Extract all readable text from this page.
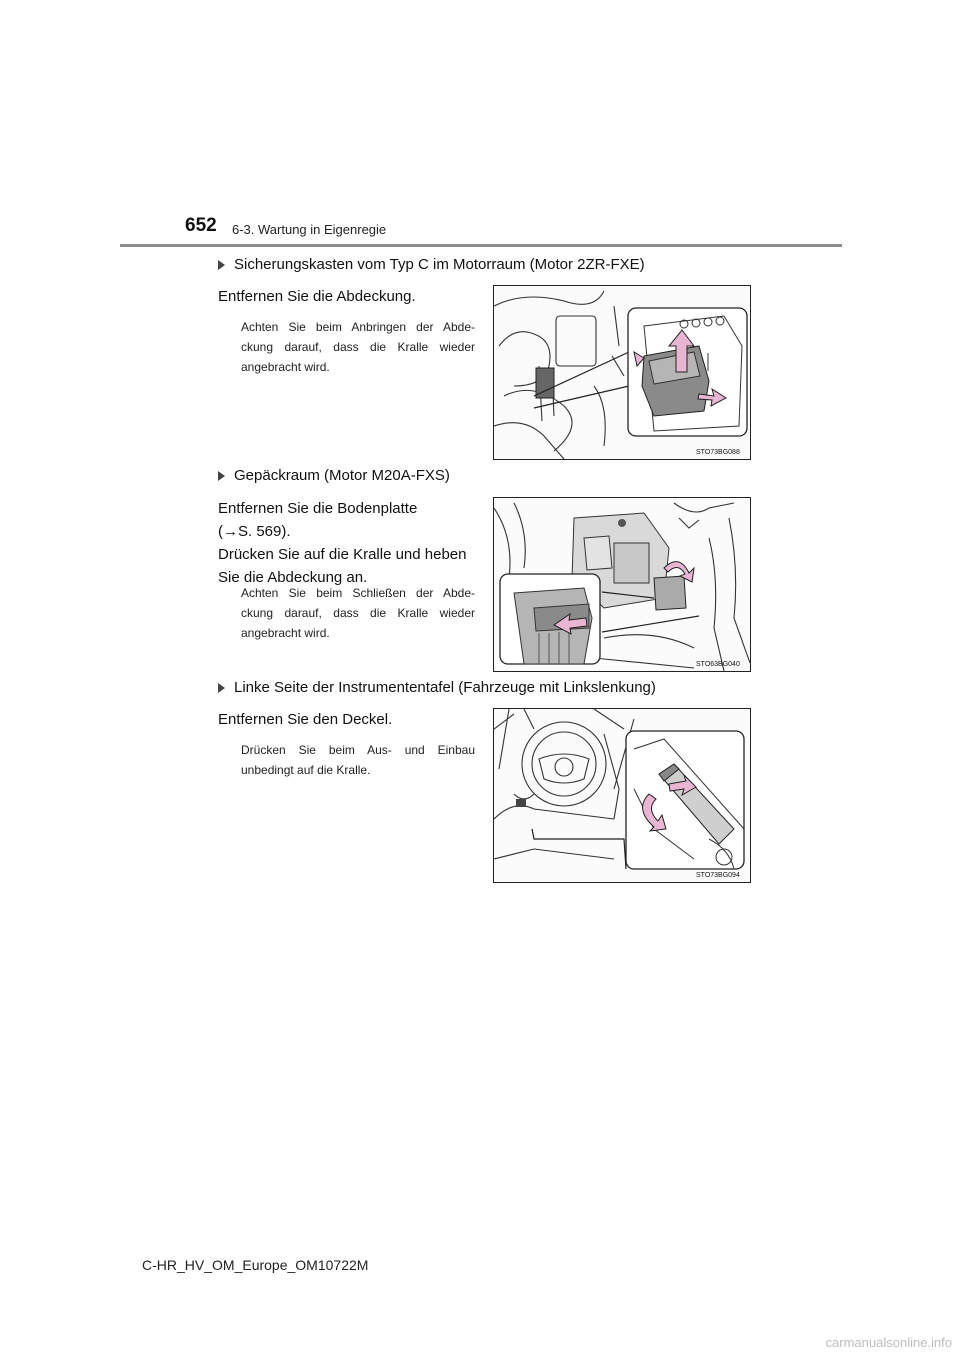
652 6-3. Wartung in Eigenregie
Sicherungskasten vom Typ C im Motorraum (Motor 2ZR-FXE)
Entfernen Sie die Abdeckung.
Achten Sie beim Anbringen der Abde- ckung darauf, dass die Kralle wieder angebracht wird.
STO73BG088
Gepäckraum (Motor M20A-FXS)
Entfernen Sie die Bodenplatte
(→S. 569).
Drücken Sie auf die Kralle und heben
Sie die Abdeckung an.
Achten Sie beim Schließen der Abde- ckung darauf, dass die Kralle wieder angebracht wird.
STO63BG040
Linke Seite der Instrumententafel (Fahrzeuge mit Linkslenkung)
Entfernen Sie den Deckel.
Drücken Sie beim Aus- und Einbau unbedingt auf die Kralle.
STO73BG094
C-HR_HV_OM_Europe_OM10722M
carmanualsonline.info
